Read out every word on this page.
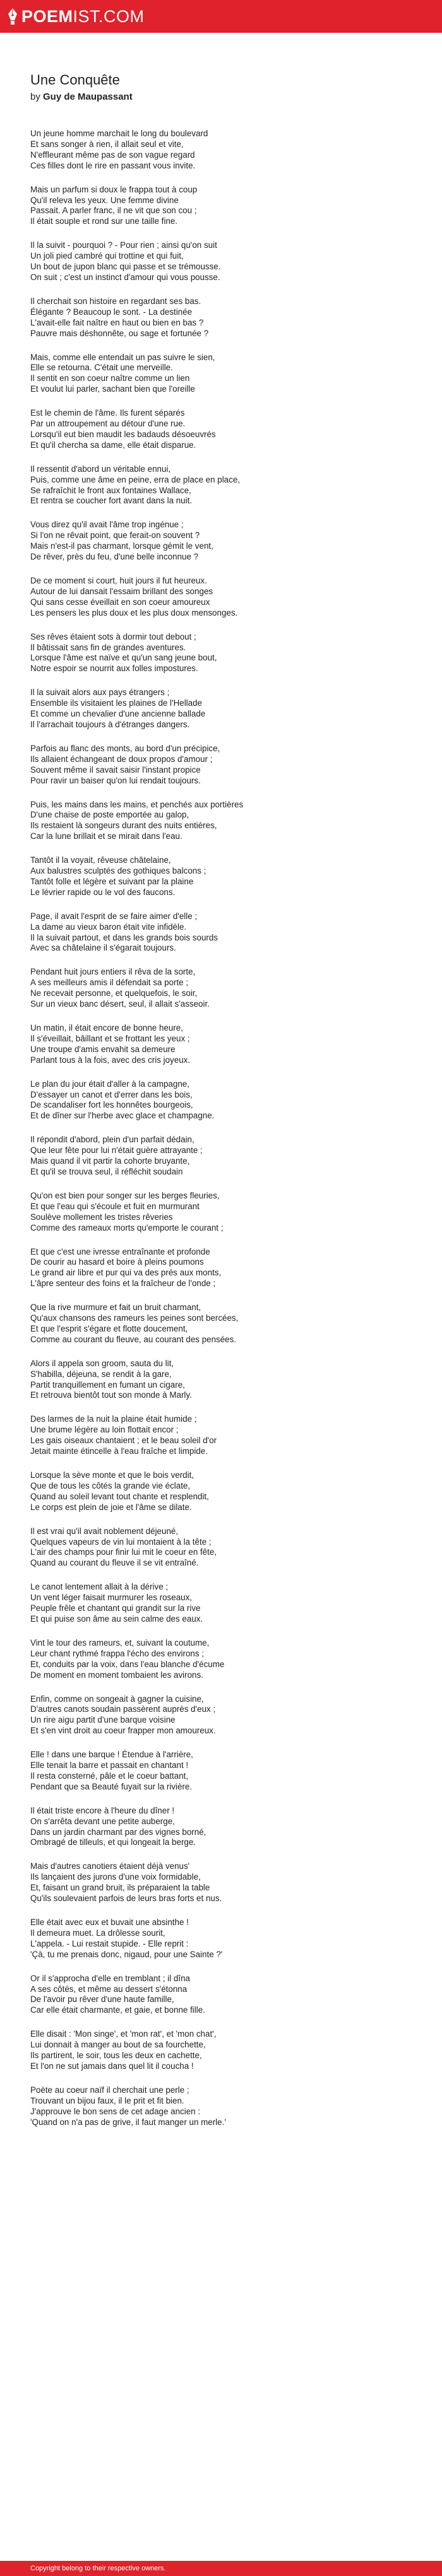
POEMIST.COM
Une Conquête
by Guy de Maupassant
Un jeune homme marchait le long du boulevard
Et sans songer à rien, il allait seul et vite,
N'effleurant même pas de son vague regard
Ces filles dont le rire en passant vous invite.
Mais un parfum si doux le frappa tout à coup
Qu'il releva les yeux. Une femme divine
Passait. A parler franc, il ne vit que son cou ;
Il était souple et rond sur une taille fine.
Il la suivit - pourquoi ? - Pour rien ; ainsi qu'on suit
Un joli pied cambré qui trottine et qui fuit,
Un bout de jupon blanc qui passe et se trémousse.
On suit ; c'est un instinct d'amour qui vous pousse.
Il cherchait son histoire en regardant ses bas.
Élégante ? Beaucoup le sont. - La destinée
L'avait-elle fait naître en haut ou bien en bas ?
Pauvre mais déshonnête, ou sage et fortunée ?
Mais, comme elle entendait un pas suivre le sien,
Elle se retourna. C'était une merveille.
Il sentit en son coeur naître comme un lien
Et voulut lui parler, sachant bien que l'oreille
Est le chemin de l'âme. Ils furent séparés
Par un attroupement au détour d'une rue.
Lorsqu'il eut bien maudit les badauds désoeuvrés
Et qu'il chercha sa dame, elle était disparue.
Il ressentit d'abord un véritable ennui,
Puis, comme une âme en peine, erra de place en place,
Se rafraîchit le front aux fontaines Wallace,
Et rentra se coucher fort avant dans la nuit.
Vous direz qu'il avait l'âme trop ingénue ;
Si l'on ne rêvait point, que ferait-on souvent ?
Mais n'est-il pas charmant, lorsque gémit le vent,
De rêver, près du feu, d'une belle inconnue ?
De ce moment si court, huit jours il fut heureux.
Autour de lui dansait l'essaim brillant des songes
Qui sans cesse éveillait en son coeur amoureux
Les pensers les plus doux et les plus doux mensonges.
Ses rêves étaient sots à dormir tout debout ;
Il bâtissait sans fin de grandes aventures.
Lorsque l'âme est naïve et qu'un sang jeune bout,
Notre espoir se nourrit aux folles impostures.
Il la suivait alors aux pays étrangers ;
Ensemble ils visitaient les plaines de l'Hellade
Et comme un chevalier d'une ancienne ballade
Il l'arrachait toujours à d'étranges dangers.
Parfois au flanc des monts, au bord d'un précipice,
Ils allaient échangeant de doux propos d'amour ;
Souvent même il savait saisir l'instant propice
Pour ravir un baiser qu'on lui rendait toujours.
Puis, les mains dans les mains, et penchés aux portières
D'une chaise de poste emportée au galop,
Ils restaient là songeurs durant des nuits entières,
Car la lune brillait et se mirait dans l'eau.
Tantôt il la voyait, rêveuse châtelaine,
Aux balustres sculptés des gothiques balcons ;
Tantôt folle et légère et suivant par la plaine
Le lévrier rapide ou le vol des faucons.
Page, il avait l'esprit de se faire aimer d'elle ;
La dame au vieux baron était vite infidèle.
Il la suivait partout, et dans les grands bois sourds
Avec sa châtelaine il s'égarait toujours.
Pendant huit jours entiers il rêva de la sorte,
A ses meilleurs amis il défendait sa porte ;
Ne recevait personne, et quelquefois, le soir,
Sur un vieux banc désert, seul, il allait s'asseoir.
Un matin, il était encore de bonne heure,
Il s'éveillait, bâillant et se frottant les yeux ;
Une troupe d'amis envahit sa demeure
Parlant tous à la fois, avec des cris joyeux.
Le plan du jour était d'aller à la campagne,
D'essayer un canot et d'errer dans les bois,
De scandaliser fort les honnêtes bourgeois,
Et de dîner sur l'herbe avec glace et champagne.
Il répondit d'abord, plein d'un parfait dédain,
Que leur fête pour lui n'était guère attrayante ;
Mais quand il vit partir la cohorte bruyante,
Et qu'il se trouva seul, il réfléchit soudain
Qu'on est bien pour songer sur les berges fleuries,
Et que l'eau qui s'écoule et fuit en murmurant
Soulève mollement les tristes rêveries
Comme des rameaux morts qu'emporte le courant ;
Et que c'est une ivresse entraînante et profonde
De courir au hasard et boire à pleins poumons
Le grand air libre et pur qui va des prés aux monts,
L'âpre senteur des foins et la fraîcheur de l'onde ;
Que la rive murmure et fait un bruit charmant,
Qu'aux chansons des rameurs les peines sont bercées,
Et que l'esprit s'égare et flotte doucement,
Comme au courant du fleuve, au courant des pensées.
Alors il appela son groom, sauta du lit,
S'habilla, déjeuna, se rendit à la gare,
Partit tranquillement en fumant un cigare,
Et retrouva bientôt tout son monde à Marly.
Des larmes de la nuit la plaine était humide ;
Une brume légère au loin flottait encor ;
Les gais oiseaux chantaient ; et le beau soleil d'or
Jetait mainte étincelle à l'eau fraîche et limpide.
Lorsque la sève monte et que le bois verdit,
Que de tous les côtés la grande vie éclate,
Quand au soleil levant tout chante et resplendit,
Le corps est plein de joie et l'âme se dilate.
Il est vrai qu'il avait noblement déjeuné,
Quelques vapeurs de vin lui montaient à la tête ;
L'air des champs pour finir lui mit le coeur en fête,
Quand au courant du fleuve il se vit entraîné.
Le canot lentement allait à la dérive ;
Un vent léger faisait murmurer les roseaux,
Peuple frêle et chantant qui grandit sur la rive
Et qui puise son âme au sein calme des eaux.
Vint le tour des rameurs, et, suivant la coutume,
Leur chant rythmé frappa l'écho des environs ;
Et, conduits par la voix, dans l'eau blanche d'écume
De moment en moment tombaient les avirons.
Enfin, comme on songeait à gagner la cuisine,
D'autres canots soudain passèrent auprès d'eux ;
Un rire aigu partit d'une barque voisine
Et s'en vint droit au coeur frapper mon amoureux.
Elle ! dans une barque ! Étendue à l'arrière,
Elle tenait la barre et passait en chantant !
Il resta consterné, pâle et le coeur battant,
Pendant que sa Beauté fuyait sur la rivière.
Il était triste encore à l'heure du dîner !
On s'arrêta devant une petite auberge,
Dans un jardin charmant par des vignes borné,
Ombragé de tilleuls, et qui longeait la berge.
Mais d'autres canotiers étaient déjà venus'
Ils lançaient des jurons d'une voix formidable,
Et, faisant un grand bruit, ils préparaient la table
Qu'ils soulevaient parfois de leurs bras forts et nus.
Elle était avec eux et buvait une absinthe !
Il demeura muet. La drôlesse sourit,
L'appela. - Lui restait stupide. - Elle reprit :
'Çà, tu me prenais donc, nigaud, pour une Sainte ?'
Or il s'approcha d'elle en tremblant ; il dîna
A ses côtés, et même au dessert s'étonna
De l'avoir pu rêver d'une haute famille,
Car elle était charmante, et gaie, et bonne fille.
Elle disait : 'Mon singe', et 'mon rat', et 'mon chat',
Lui donnait à manger au bout de sa fourchette,
Ils partirent, le soir, tous les deux en cachette,
Et l'on ne sut jamais dans quel lit il coucha !
Poète au coeur naïf il cherchait une perle ;
Trouvant un bijou faux, il le prit et fit bien.
J'approuve le bon sens de cet adage ancien :
'Quand on n'a pas de grive, il faut manger un merle.'
Copyright belong to their respective owners.
